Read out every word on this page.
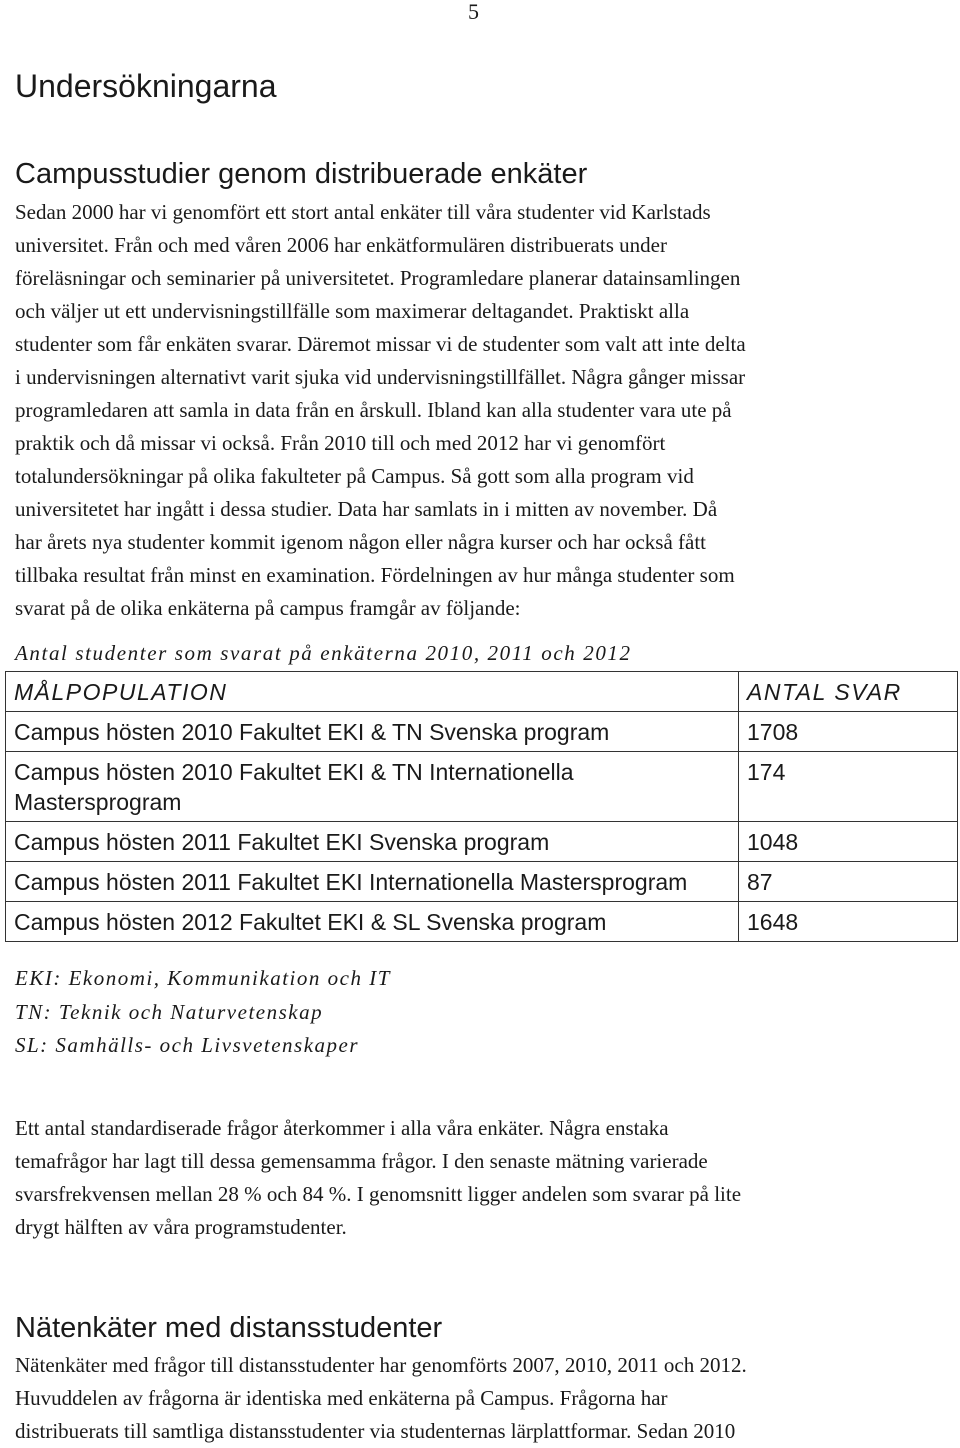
5
Undersökningarna
Campusstudier genom distribuerade enkäter

Sedan 2000 har vi genomfört ett stort antal enkäter till våra studenter vid Karlstads
universitet. Från och med våren 2006 har enkätformulären distribuerats under
föreläsningar och seminarier på universitetet. Programledare planerar datainsamlingen
och väljer ut ett undervisningstillfälle som maximerar deltagandet. Praktiskt alla
studenter som får enkäten svarar. Däremot missar vi de studenter som valt att inte delta
i undervisningen alternativt varit sjuka vid undervisningstillfället. Några gånger missar
programledaren att samla in data från en årskull. Ibland kan alla studenter vara ute på
praktik och då missar vi också. Från 2010 till och med 2012 har vi genomfört
totalundersökningar på olika fakulteter på Campus. Så gott som alla program vid
universitetet har ingått i dessa studier. Data har samlats in i mitten av november. Då
har årets nya studenter kommit igenom någon eller några kurser och har också fått
tillbaka resultat från minst en examination. Fördelningen av hur många studenter som
svarat på de olika enkäterna på campus framgår av följande:

Antal studenter som svarat på enkäterna 2010, 2011 och 2012

MÅLPOPULATION	ANTAL SVAR
Campus hösten 2010 Fakultet EKI & TN Svenska program	1708
Campus hösten 2010 Fakultet EKI & TN Internationella Mastersprogram	174
Campus hösten 2011 Fakultet EKI Svenska program	1048
Campus hösten 2011 Fakultet EKI Internationella Mastersprogram	87
Campus hösten 2012 Fakultet EKI & SL Svenska program	1648
EKI: Ekonomi, Kommunikation och IT
TN: Teknik och Naturvetenskap
SL: Samhälls- och Livsvetenskaper

Ett antal standardiserade frågor återkommer i alla våra enkäter. Några enstaka
temafrågor har lagt till dessa gemensamma frågor. I den senaste mätning varierade
svarsfrekvensen mellan 28 % och 84 %. I genomsnitt ligger andelen som svarar på lite
drygt hälften av våra programstudenter.

Nätenkäter med distansstudenter

Nätenkäter med frågor till distansstudenter har genomförts 2007, 2010, 2011 och 2012.
Huvuddelen av frågorna är identiska med enkäterna på Campus. Frågorna har
distribuerats till samtliga distansstudenter via studenternas lärplattformar. Sedan 2010
